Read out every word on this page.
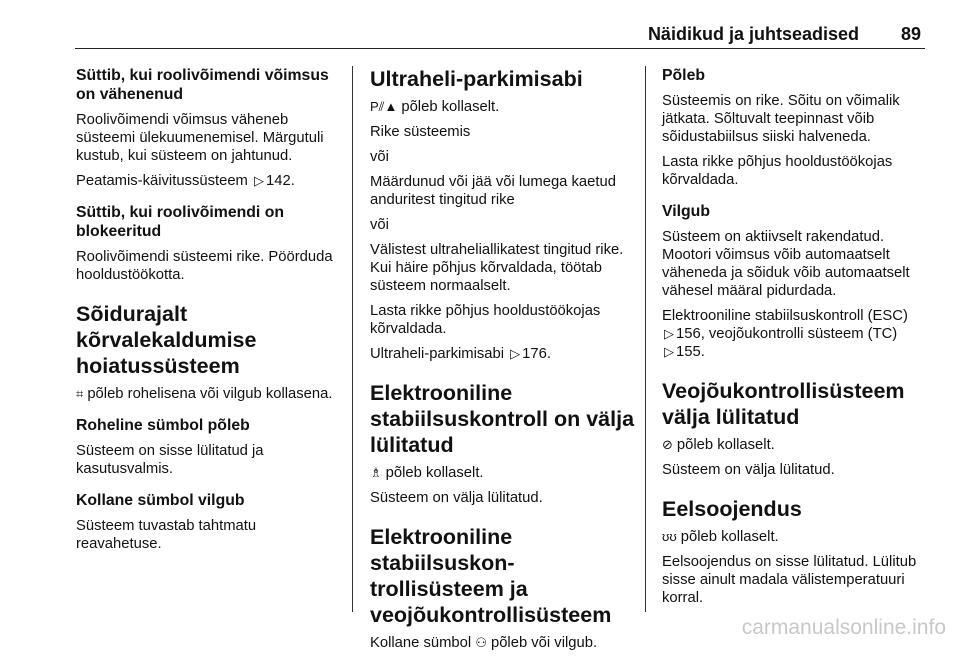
Näidikud ja juhtseadised 89
Süttib, kui roolivõimendi võimsus on vähenenud

Roolivõimendi võimsus väheneb süsteemi ülekuumenemisel. Märgutuli kustub, kui süsteem on jahtunud.

Peatamis-käivitussüsteem ▷ 142.

Süttib, kui roolivõimendi on blokeeritud

Roolivõimendi süsteemi rike. Pöörduda hooldustöökotta.

Sõidurajalt kõrvalekaldumise hoiatussüsteem

⌗ põleb rohelisena või vilgub kollasena.

Roheline sümbol põleb

Süsteem on sisse lülitatud ja kasutusvalmis.

Kollane sümbol vilgub

Süsteem tuvastab tahtmatu reavahetuse.

Ultraheli-parkimisabi

P⫽▲ põleb kollaselt.

Rike süsteemis

või

Määrdunud või jää või lumega kaetud anduritest tingitud rike

või

Välistest ultraheliallikatest tingitud rike. Kui häire põhjus kõrvaldada, töötab süsteem normaalselt.

Lasta rikke põhjus hooldustöökojas kõrvaldada.

Ultraheli-parkimisabi ▷ 176.

Elektrooniline stabiilsuskontroll on välja lülitatud

♗ põleb kollaselt.

Süsteem on välja lülitatud.

Elektrooniline stabiilsuskontrollisüsteem ja veojõukontrollisüsteem

Kollane sümbol ⚇ põleb või vilgub.

Põleb

Süsteemis on rike. Sõitu on võimalik jätkata. Sõltuvalt teepinnast võib sõidustabiilsus siiski halveneda.

Lasta rikke põhjus hooldustöökojas kõrvaldada.

Vilgub

Süsteem on aktiivselt rakendatud. Mootori võimsus võib automaatselt väheneda ja sõiduk võib automaatselt vähesel määral pidurdada.

Elektrooniline stabiilsuskontroll (ESC) ▷ 156, veojõukontrolli süsteem (TC) ▷ 155.

Veojõukontrollisüsteem välja lülitatud

⊘ põleb kollaselt.

Süsteem on välja lülitatud.

Eelsoojendus

ʊʊ põleb kollaselt.

Eelsoojendus on sisse lülitatud. Lülitub sisse ainult madala välistemperatuuri korral.

carmanualsonline.info
